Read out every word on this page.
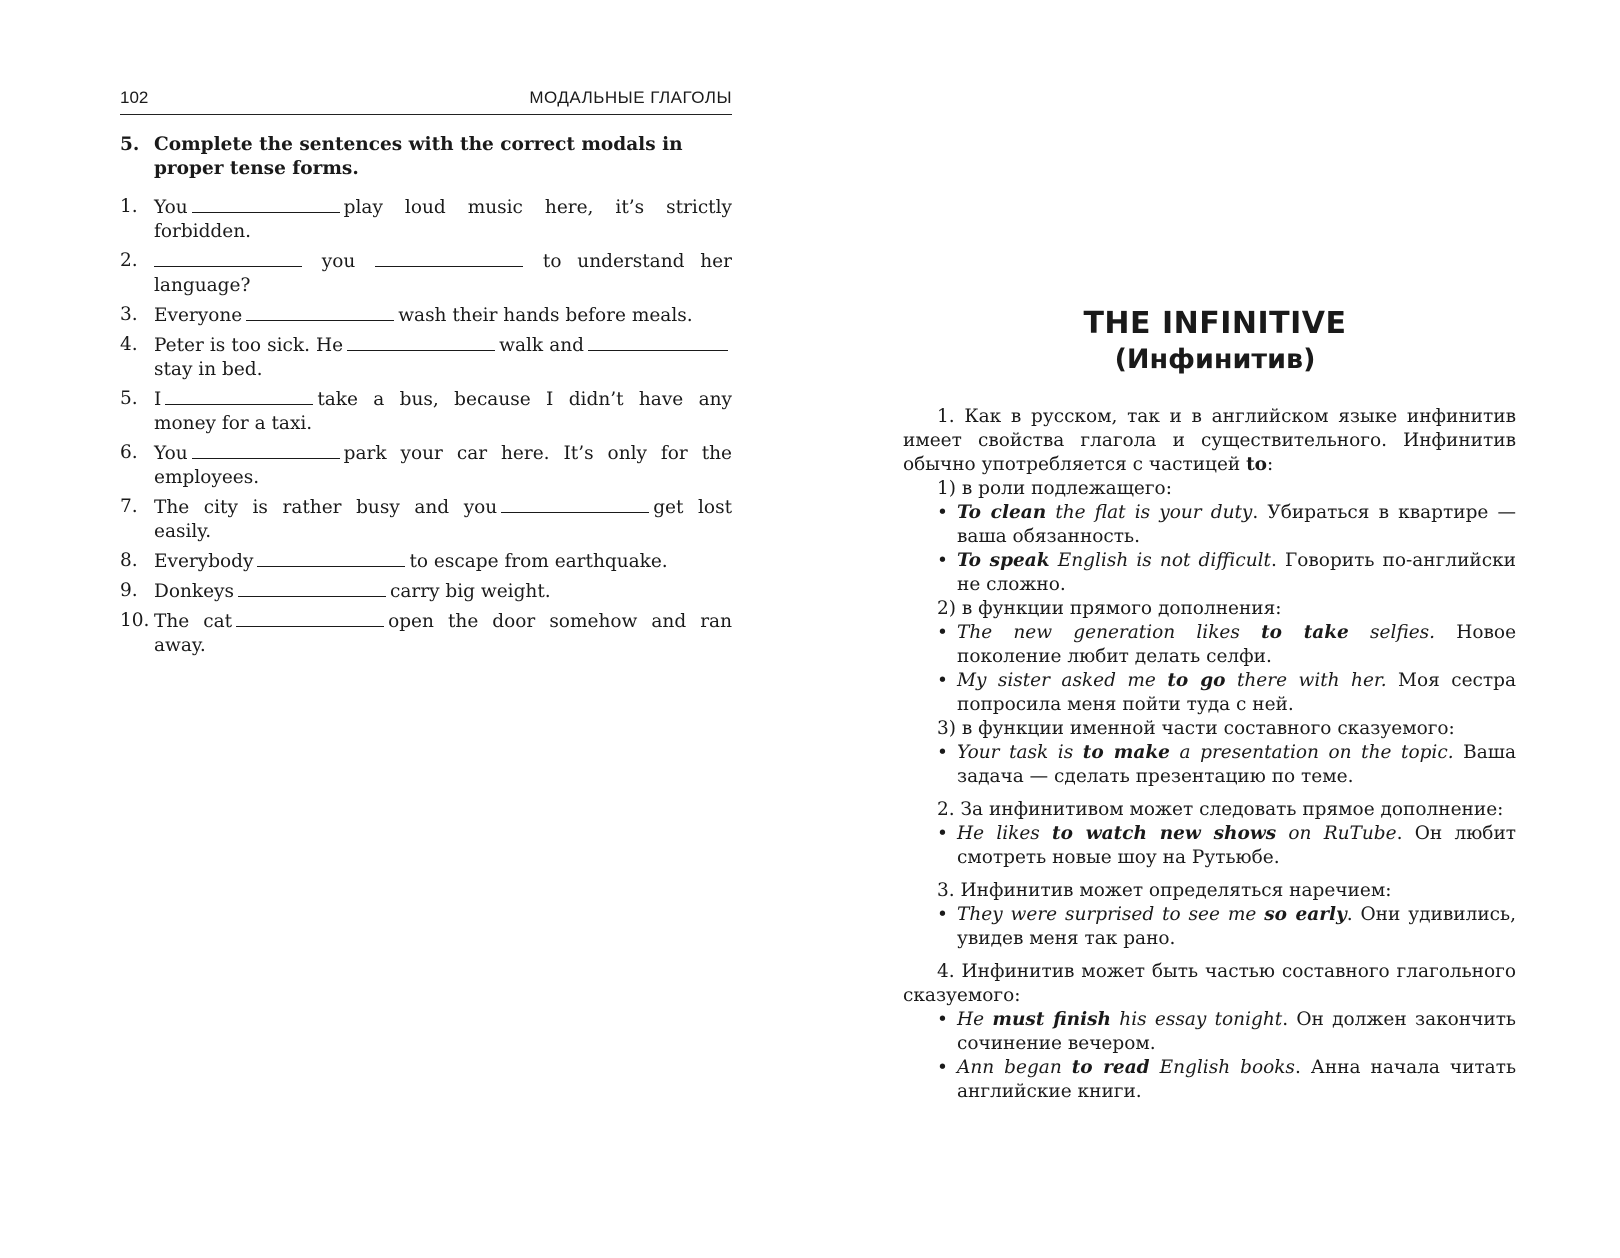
102	МОДАЛЬНЫЕ ГЛАГОЛЫ
5. Complete the sentences with the correct modals in proper tense forms.
1. You	play loud music here, it’s strictly forbidden.
2.	you	to understand her language?
3. Everyone	wash their hands before meals.
4. Peter is too sick. He	walk andstay in bed.
5. I	take a bus, because I didn’t have any money for a taxi.
6. You	park your car here. It’s only for the employees.
7. The city is rather busy and you	get lost easily.
8. Everybody	to escape from earthquake.
9. Donkeys	carry big weight.
10. The cat	open the door somehow and ran away.
THE INFINITIVE
(Инфинитив)

1. Как в русском, так и в английском языке инфинитив имеет свойства глагола и существительного. Инфинитив обычно употребляется с частицей to:

1) в роли подлежащего:

• To clean the flat is your duty. Убираться в квартире — ваша обязанность.

• To speak English is not difficult. Говорить по-английски не сложно.

2) в функции прямого дополнения:

• The new generation likes to take selfies. Новое поколение любит делать селфи.

• My sister asked me to go there with her. Моя сестра попросила меня пойти туда с ней.

3) в функции именной части составного сказуемого:

• Your task is to make a presentation on the topic. Ваша задача — сделать презентацию по теме.

2. За инфинитивом может следовать прямое дополнение:

• He likes to watch new shows on RuTube. Он любит смотреть новые шоу на Рутьюбе.

3. Инфинитив может определяться наречием:

• They were surprised to see me so early. Они удивились, увидев меня так рано.

4. Инфинитив может быть частью составного глагольного сказуемого:

• He must finish his essay tonight. Он должен закончить сочинение вечером.

• Ann began to read English books. Анна начала читать английские книги.
